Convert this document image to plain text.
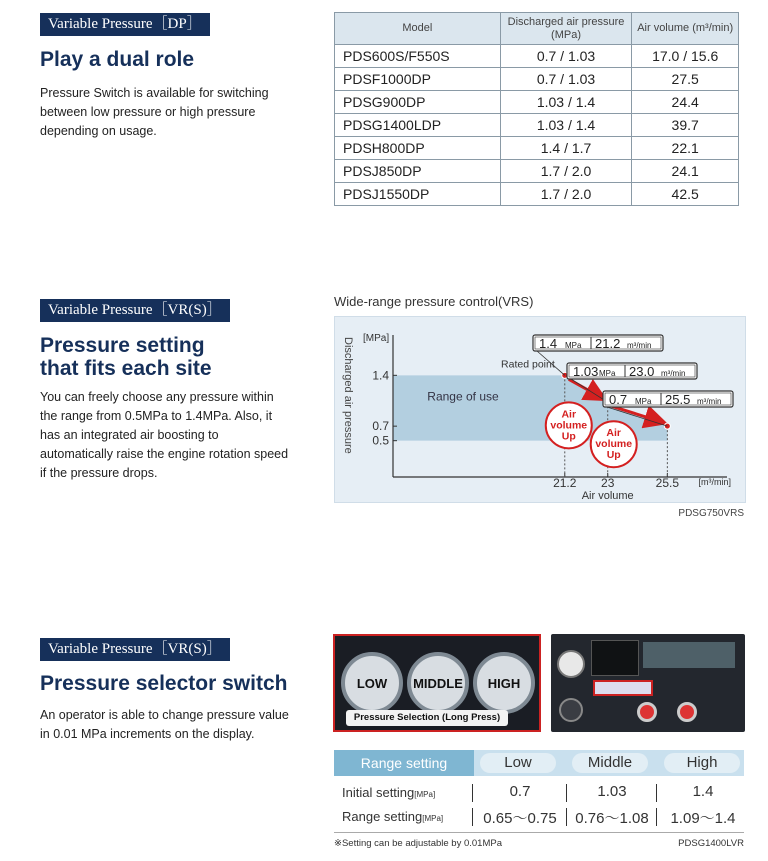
Variable Pressure［DP］
Play a dual role
Pressure Switch is available for switching between low pressure or high pressure depending on usage.
Model	Discharged air pressure (MPa)	Air volume (m³/min)
PDS600S/F550S	0.7 / 1.03	17.0 / 15.6
PDSF1000DP	0.7 / 1.03	27.5
PDSG900DP	1.03 / 1.4	24.4
PDSG1400LDP	1.03 / 1.4	39.7
PDSH800DP	1.4 / 1.7	22.1
PDSJ850DP	1.7 / 2.0	24.1
PDSJ1550DP	1.7 / 2.0	42.5
Variable Pressure［VR(S)］
Pressure setting
that fits each site
You can freely choose any pressure within the range from 0.5MPa to 1.4MPa. Also, it has an integrated air boosting to automatically raise the engine rotation speed if the pressure drops.
Wide-range pressure control(VRS)
[MPa]
Discharged air pressure
[m³/min]
Air volume
0.5
0.7
1.4
21.2 23	25.5
Range of use
Rated point
Air
volume
Up	Air
volume
Up
1.4 MPa 21.2 m³/min
1.03 MPa 23.0 m³/min
0.7 MPa 25.5 m³/min
PDSG750VRS
Variable Pressure［VR(S)］
Pressure selector switch
An operator is able to change pressure value in 0.01 MPa increments on the display.
LOW	MIDDLE	HIGH
Pressure Selection (Long Press)
Range setting	Low	Middle	High
Initial setting[MPa]	0.7	1.03	1.4
Range setting[MPa]	0.65〜0.75	0.76〜1.08	1.09〜1.4
※Setting can be adjustable by 0.01MPa	PDSG1400LVR
